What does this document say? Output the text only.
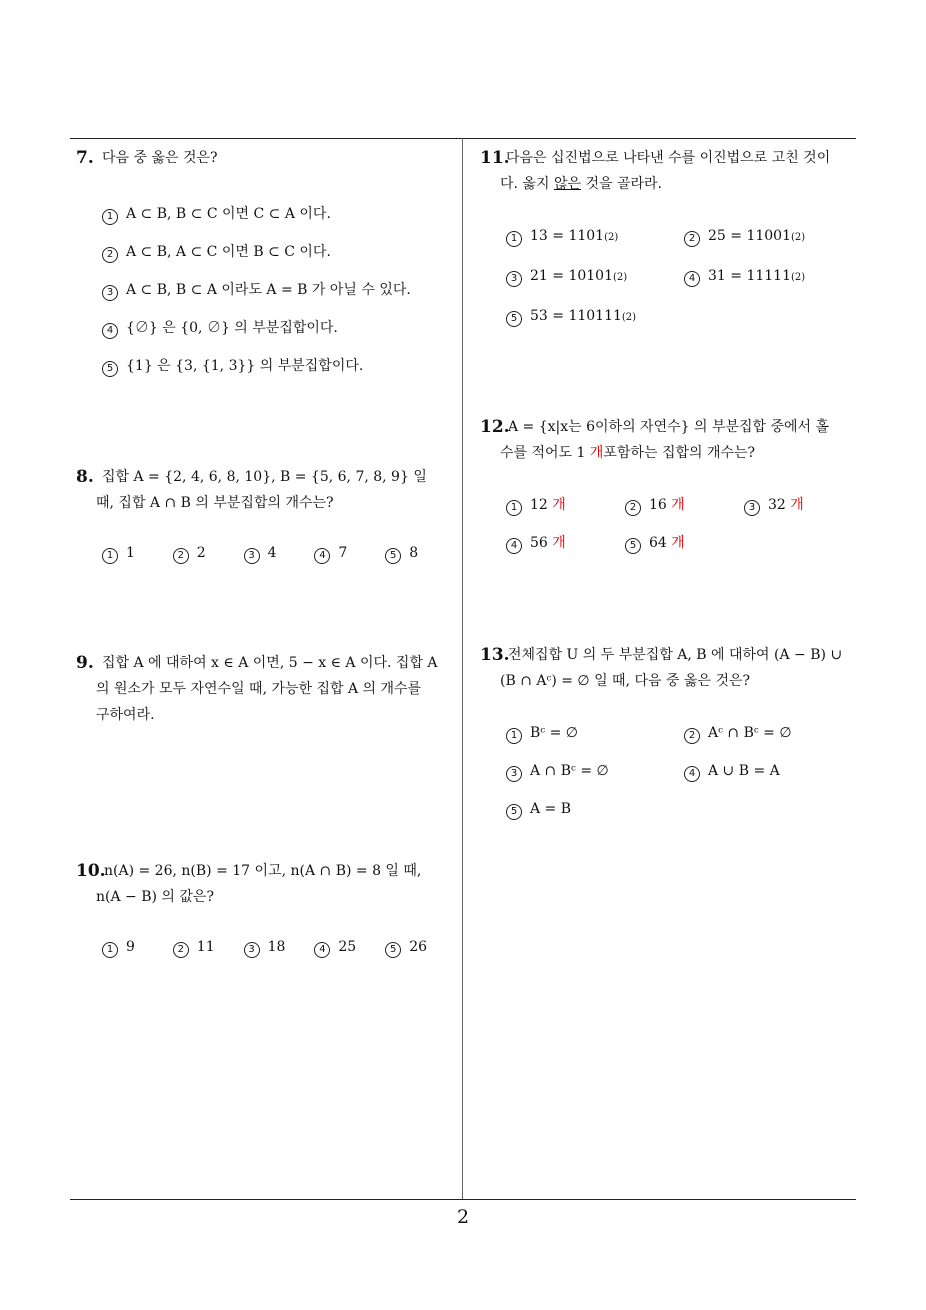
2
7. 다음 중 옳은 것은?
1 A ⊂ B, B ⊂ C 이면 C ⊂ A 이다.
2 A ⊂ B, A ⊂ C 이면 B ⊂ C 이다.
3 A ⊂ B, B ⊂ A 이라도 A = B 가 아닐 수 있다.
4 {∅} 은 {0, ∅} 의 부분집합이다.
5 {1} 은 {3, {1, 3}} 의 부분집합이다.
8. 집합 A = {2, 4, 6, 8, 10}, B = {5, 6, 7, 8, 9} 일
때, 집합 A ∩ B 의 부분집합의 개수는?
1 1	2 2	3 4	4 7	5 8
9. 집합 A 에 대하여 x ∈ A 이면, 5 − x ∈ A 이다. 집합 A
의 원소가 모두 자연수일 때, 가능한 집합 A 의 개수를
구하여라.
10.
n(A) = 26, n(B) = 17 이고, n(A ∩ B) = 8 일 때,
n(A − B) 의 값은?
1 9	2 11	3 18	4 25	5 26
11.
다음은 십진법으로 나타낸 수를 이진법으로 고친 것이
다. 옳지 않은 것을 골라라.
1 13 = 1101 (2)	2 25 = 11001 (2)
3 21 = 10101 (2)	4 31 = 11111 (2)
5 53 = 110111 (2)
12.
A = {x|x는 6이하의 자연수} 의 부분집합 중에서 홀
수를 적어도 1 개포함하는 집합의 개수는?
1 12
개	2 16
개	3 32
개
4 56
개	5 64
개
13.
전체집합 U 의 두 부분집합 A, B 에 대하여 (A − B) ∪
(B ∩ Aᶜ) = ∅ 일 때, 다음 중 옳은 것은?
1 Bᶜ = ∅	2 Aᶜ ∩ Bᶜ = ∅
3 A ∩ Bᶜ = ∅	4 A ∪ B = A
5 A = B
